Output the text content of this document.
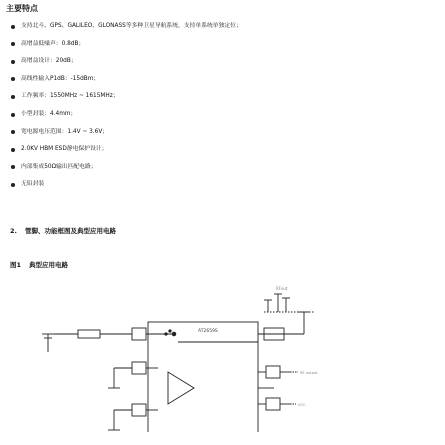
主要特点
支持北斗、GPS、GALILEO、GLONASS等多种卫星导航系统，支持单系统单独定位；
高增益低噪声：0.8dB；
高增益设计：20dB；
高线性输入P1dB：-15dBm；
工作频率：1550MHz ~ 1615MHz；
小型封装：4.4mm；
宽电源电压范围：1.4V ~ 3.6V；
2.0KV HBM ESD静电保护设计；
内部集成50Ω输出匹配电路；
无铅封装
2. 管脚、功能框图及典型应用电路
图1 典型应用电路
AT2659S
RFout
RF output
VCC
